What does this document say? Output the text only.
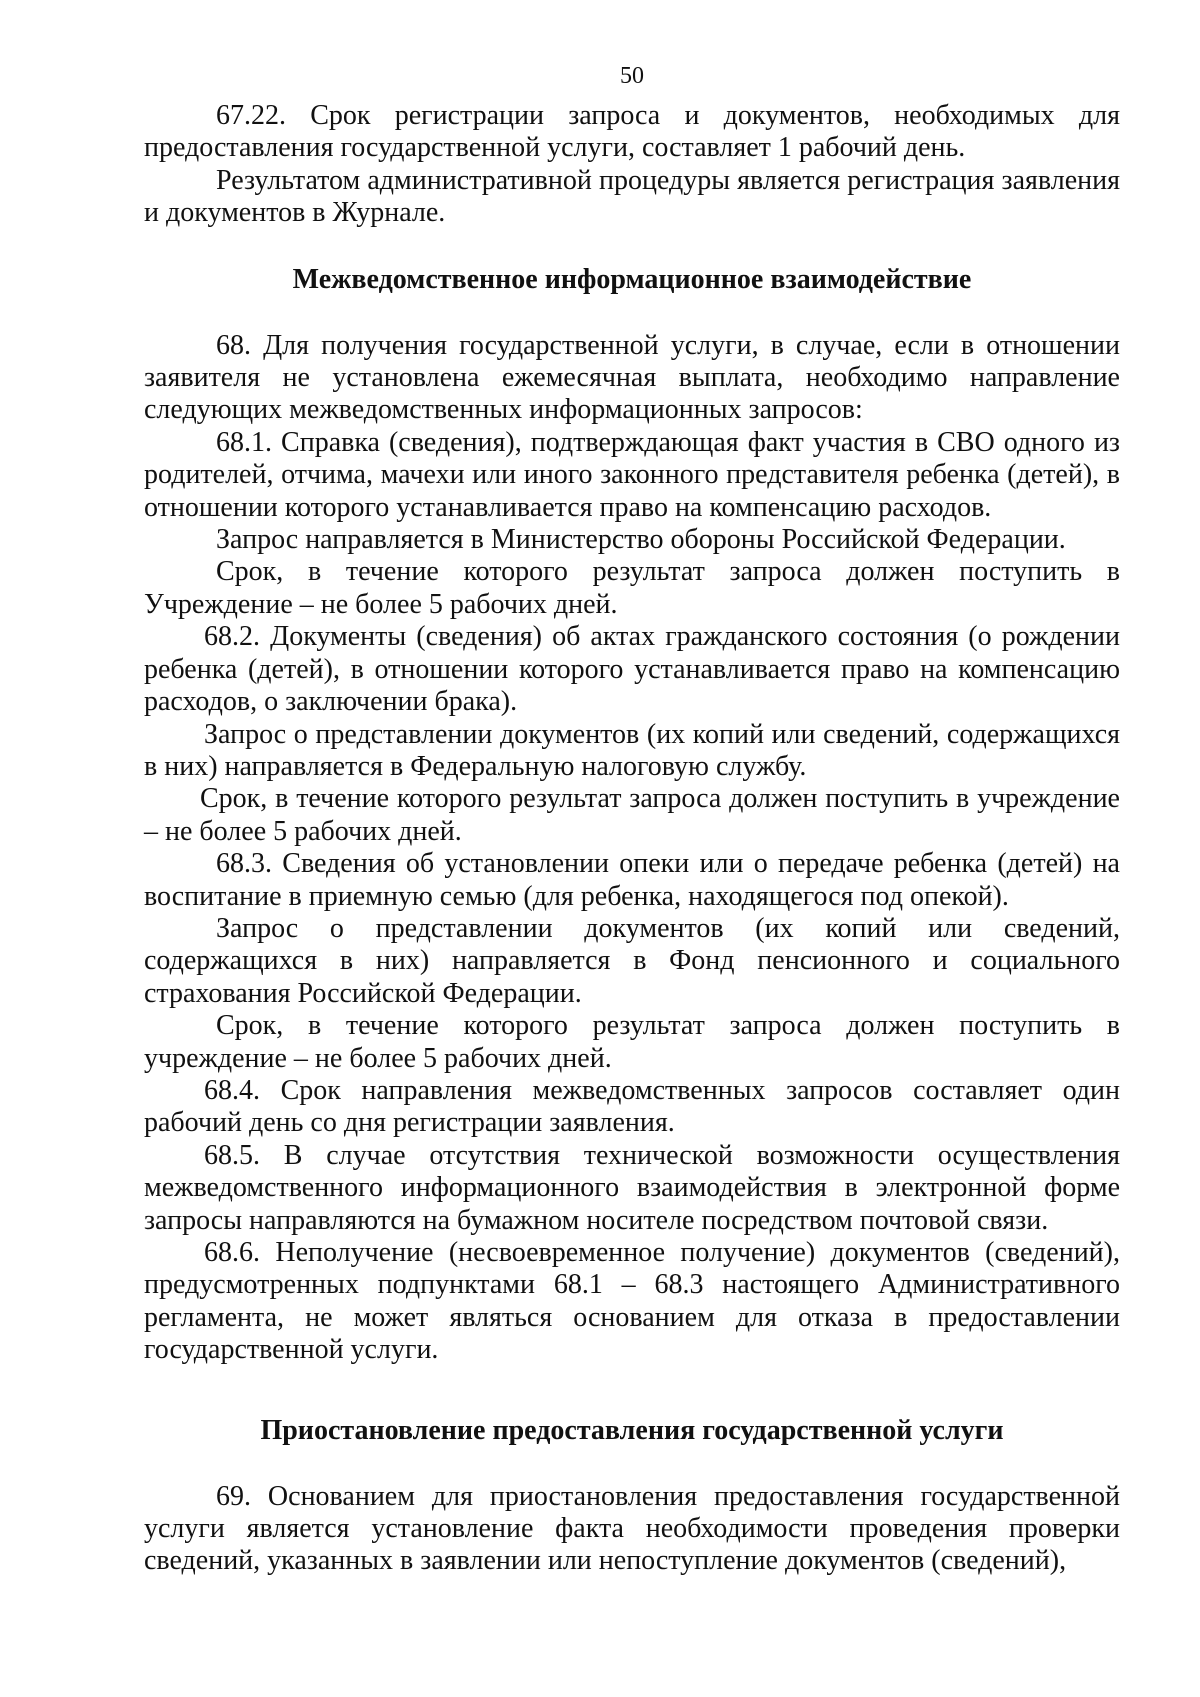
50

67.22. Срок регистрации запроса и документов, необходимых для предоставления государственной услуги, составляет 1 рабочий день.

Результатом административной процедуры является регистрация заявления и документов в Журнале.

Межведомственное информационное взаимодействие

68. Для получения государственной услуги, в случае, если в отношении заявителя не установлена ежемесячная выплата, необходимо направление следующих межведомственных информационных запросов:

68.1. Справка (сведения), подтверждающая факт участия в СВО одного из родителей, отчима, мачехи или иного законного представителя ребенка (детей), в отношении которого устанавливается право на компенсацию расходов.

Запрос направляется в Министерство обороны Российской Федерации.

Срок, в течение которого результат запроса должен поступить в Учреждение – не более 5 рабочих дней.

68.2. Документы (сведения) об актах гражданского состояния (о рождении ребенка (детей), в отношении которого устанавливается право на компенсацию расходов, о заключении брака).

Запрос о представлении документов (их копий или сведений, содержащихся в них) направляется в Федеральную налоговую службу.

Срок, в течение которого результат запроса должен поступить в учреждение – не более 5 рабочих дней.

68.3. Сведения об установлении опеки или о передаче ребенка (детей) на воспитание в приемную семью (для ребенка, находящегося под опекой).

Запрос о представлении документов (их копий или сведений, содержащихся в них) направляется в Фонд пенсионного и социального страхования Российской Федерации.

Срок, в течение которого результат запроса должен поступить в учреждение – не более 5 рабочих дней.

68.4. Срок направления межведомственных запросов составляет один рабочий день со дня регистрации заявления.

68.5. В случае отсутствия технической возможности осуществления межведомственного информационного взаимодействия в электронной форме запросы направляются на бумажном носителе посредством почтовой связи.

68.6. Неполучение (несвоевременное получение) документов (сведений), предусмотренных подпунктами 68.1 – 68.3 настоящего Административного регламента, не может являться основанием для отказа в предоставлении государственной услуги.

Приостановление предоставления государственной услуги

69. Основанием для приостановления предоставления государственной услуги является установление факта необходимости проведения проверки сведений, указанных в заявлении или непоступление документов (сведений),
